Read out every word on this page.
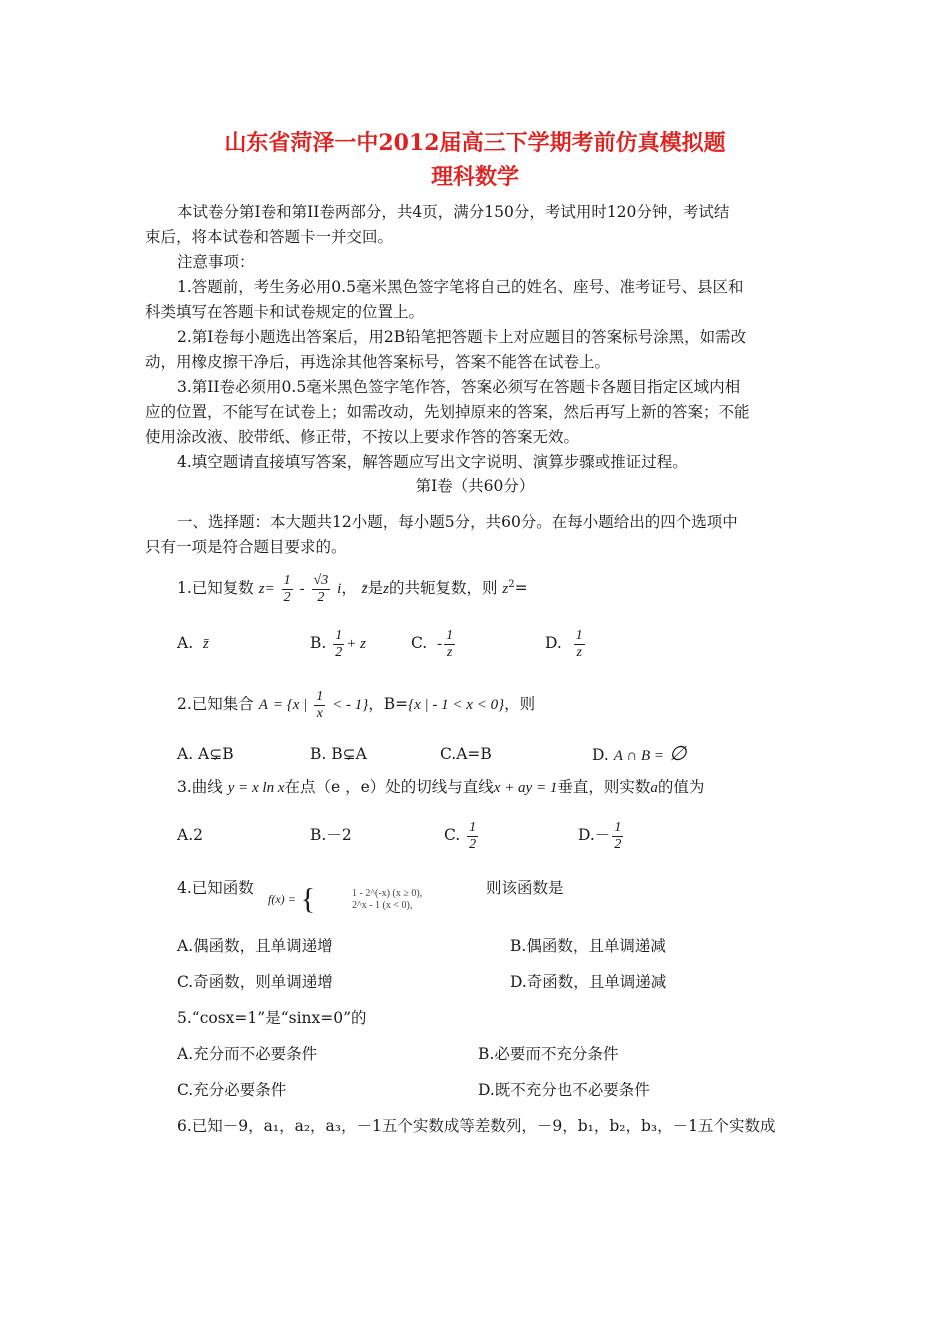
山东省菏泽一中2012届高三下学期考前仿真模拟题
理科数学
本试卷分第I卷和第II卷两部分，共4页，满分150分，考试用时120分钟，考试结
束后，将本试卷和答题卡一并交回。
注意事项：
1.答题前，考生务必用0.5毫米黑色签字笔将自己的姓名、座号、准考证号、县区和
科类填写在答题卡和试卷规定的位置上。
2.第I卷每小题选出答案后，用2B铅笔把答题卡上对应题目的答案标号涂黑，如需改
动，用橡皮擦干净后，再选涂其他答案标号，答案不能答在试卷上。
3.第II卷必须用0.5毫米黑色签字笔作答，答案必须写在答题卡各题目指定区域内相
应的位置，不能写在试卷上；如需改动，先划掉原来的答案，然后再写上新的答案；不能
使用涂改液、胶带纸、修正带，不按以上要求作答的答案无效。
4.填空题请直接填写答案，解答题应写出文字说明、演算步骤或推证过程。
第I卷（共60分）
一、选择题：本大题共12小题，每小题5分，共60分。在每小题给出的四个选项中
只有一项是符合题目要求的。
1.已知复数 $z= \frac{1}{2} - \frac{√3}{2}$ i， z̄是z的共轭复数，则 $z^2=$
A. z̄	B. $\frac{1}{2} + z$	C. - $\frac{1}{z}$	D. $\frac{1}{z}$
2.已知集合 A = {x | $\frac{1}{x}$ < - 1}，B={x | - 1 < x < 0}，则
A. A⊊B	B. B⊊A	C.A=B	D. A ∩ B = ∅
3.曲线 y = x ln x在点（e ，e）处的切线与直线x + ay = 1垂直，则实数a的值为
A.2	B.－2	C. $\frac{1}{2}$	$D.- \frac{1}{2}$
4.已知函数
f(x) = {	1 - 2^(-x) (x ≥ 0),
2^x - 1 (x < 0),
则该函数是
A.偶函数，且单调递增	B.偶函数，且单调递减
C.奇函数，则单调递增	D.奇函数，且单调递减
5.“cosx=1”是“sinx=0”的
A.充分而不必要条件	B.必要而不充分条件
C.充分必要条件	D.既不充分也不必要条件
6.已知－9，a₁，a₂，a₃，－1五个实数成等差数列，－9，b₁，b₂，b₃，－1五个实数成
